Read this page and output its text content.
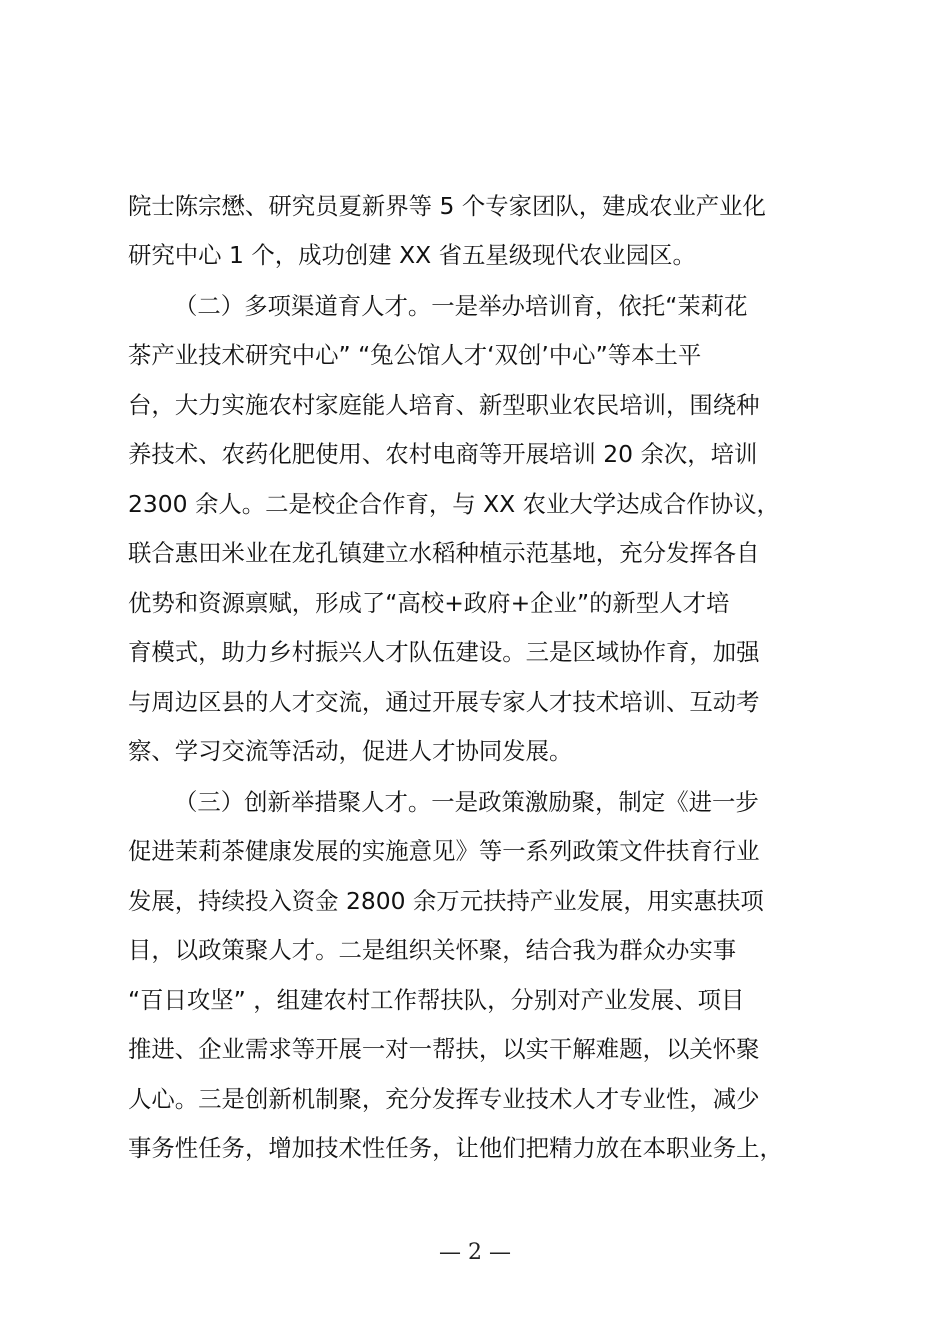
院士陈宗懋、研究员夏新界等 5 个专家团队，建成农业产业化
研究中心 1 个，成功创建 XX 省五星级现代农业园区。
（二）多项渠道育人才。一是举办培训育，依托“茉莉花
茶产业技术研究中心” “兔公馆人才‘双创’中心”等本土平
台，大力实施农村家庭能人培育、新型职业农民培训，围绕种
养技术、农药化肥使用、农村电商等开展培训 20 余次，培训
2300 余人。二是校企合作育，与 XX 农业大学达成合作协议，
联合惠田米业在龙孔镇建立水稻种植示范基地，充分发挥各自
优势和资源禀赋，形成了“高校+政府+企业”的新型人才培
育模式，助力乡村振兴人才队伍建设。三是区域协作育，加强
与周边区县的人才交流，通过开展专家人才技术培训、互动考
察、学习交流等活动，促进人才协同发展。
（三）创新举措聚人才。一是政策激励聚，制定《进一步
促进茉莉茶健康发展的实施意见》等一系列政策文件扶育行业
发展，持续投入资金 2800 余万元扶持产业发展，用实惠扶项
目，以政策聚人才。二是组织关怀聚，结合我为群众办实事
“百日攻坚” ，组建农村工作帮扶队，分别对产业发展、项目
推进、企业需求等开展一对一帮扶，以实干解难题，以关怀聚
人心。三是创新机制聚，充分发挥专业技术人才专业性，减少
事务性任务，增加技术性任务，让他们把精力放在本职业务上，
— 2 —
